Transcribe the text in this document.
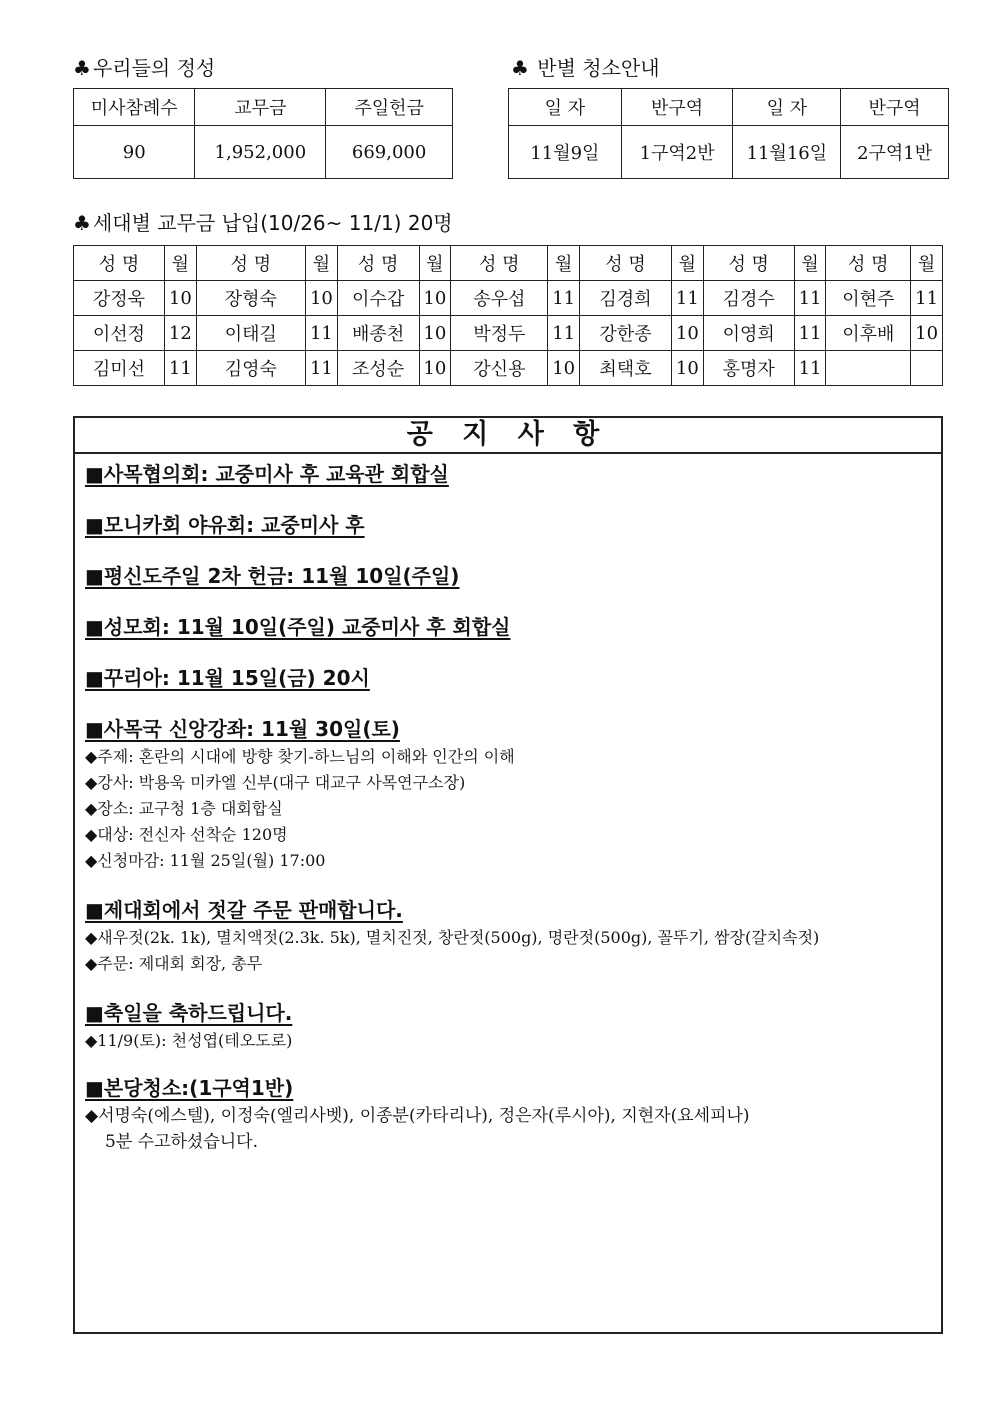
♣ 우리들의 정성
미사참례수	교무금	주일헌금
90	1,952,000	669,000
♣ 반별 청소안내
일 자	반구역	일 자	반구역
11월9일	1구역2반	11월16일	2구역1반
♣ 세대별 교무금 납입(10/26~ 11/1) 20명
성 명	월	성 명	월	성 명	월	성 명	월	성 명	월	성 명	월	성 명	월
강정욱	10	장형숙	10	이수갑	10	송우섭	11	김경희	11	김경수	11	이현주	11
이선정	12	이태길	11	배종천	10	박정두	11	강한종	10	이영희	11	이후배	10
김미선	11	김영숙	11	조성순	10	강신용	10	최택호	10	홍명자	11		
공 지 사 항
■사목협의회: 교중미사 후 교육관 회합실
■모니카회 야유회: 교중미사 후
■평신도주일 2차 헌금: 11월 10일(주일)
■성모회: 11월 10일(주일) 교중미사 후 회합실
■꾸리아: 11월 15일(금) 20시
■사목국 신앙강좌: 11월 30일(토)
◆주제: 혼란의 시대에 방향 찾기-하느님의 이해와 인간의 이해
◆강사: 박용욱 미카엘 신부(대구 대교구 사목연구소장)
◆장소: 교구청 1층 대회합실
◆대상: 전신자 선착순 120명
◆신청마감: 11월 25일(월) 17:00
■제대회에서 젓갈 주문 판매합니다.
◆새우젓(2k. 1k), 멸치액젓(2.3k. 5k), 멸치진젓, 창란젓(500g), 명란젓(500g), 꼴뚜기, 쌈장(갈치속젓)
◆주문: 제대회 회장, 총무
■축일을 축하드립니다.
◆11/9(토): 천성엽(테오도로)
■본당청소:(1구역1반)
◆서명숙(에스텔), 이정숙(엘리사벳), 이종분(카타리나), 정은자(루시아), 지현자(요세피나)
5분 수고하셨습니다.
